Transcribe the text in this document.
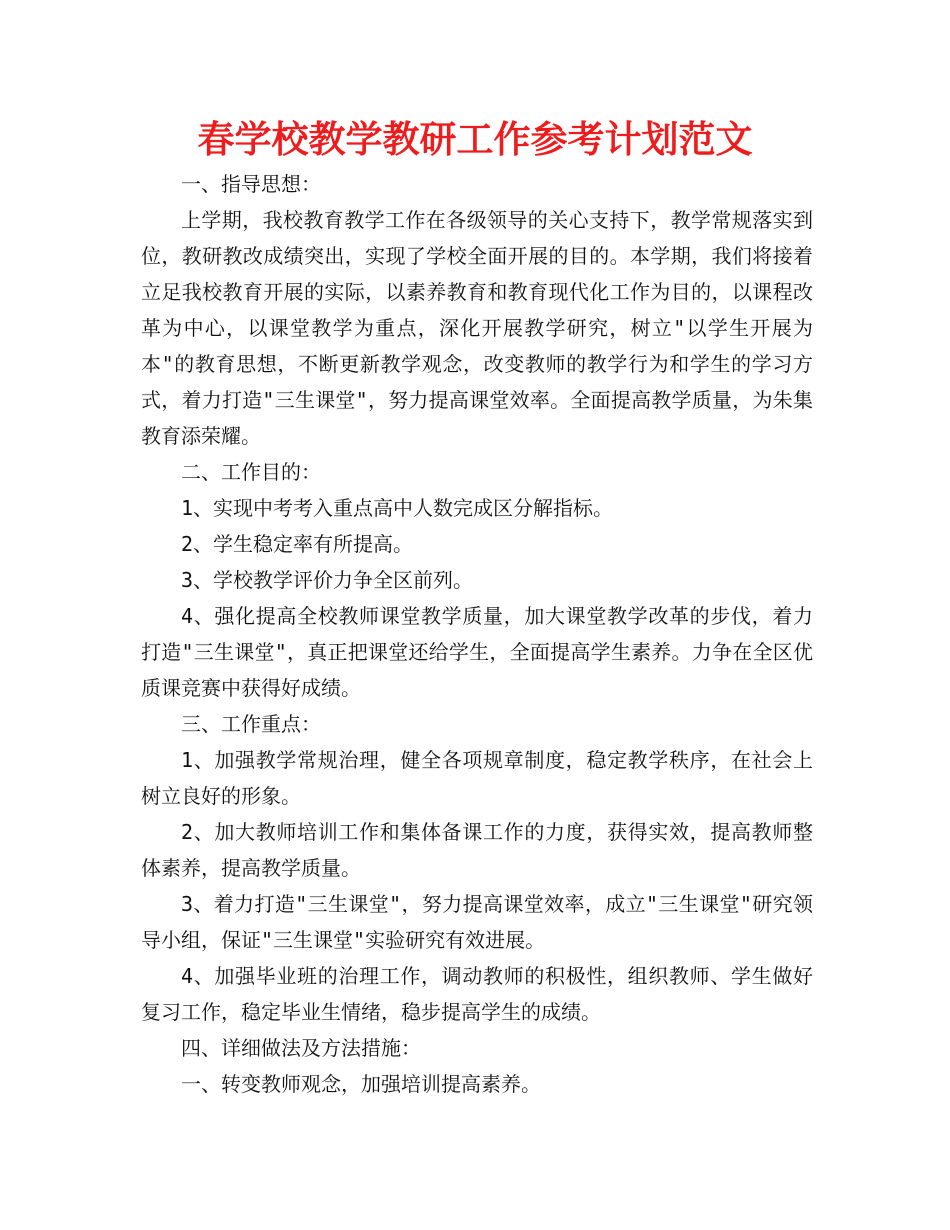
春学校教学教研工作参考计划范文

一、指导思想：

上学期，我校教育教学工作在各级领导的关心支持下，教学常规落实到位，教研教改成绩突出，实现了学校全面开展的目的。本学期，我们将接着立足我校教育开展的实际，以素养教育和教育现代化工作为目的，以课程改革为中心，以课堂教学为重点，深化开展教学研究，树立"以学生开展为本"的教育思想，不断更新教学观念，改变教师的教学行为和学生的学习方式，着力打造"三生课堂"，努力提高课堂效率。全面提高教学质量，为朱集教育添荣耀。

二、工作目的：

1、实现中考考入重点高中人数完成区分解指标。

2、学生稳定率有所提高。

3、学校教学评价力争全区前列。

4、强化提高全校教师课堂教学质量，加大课堂教学改革的步伐，着力打造"三生课堂"，真正把课堂还给学生，全面提高学生素养。力争在全区优质课竞赛中获得好成绩。

三、工作重点：

1、加强教学常规治理，健全各项规章制度，稳定教学秩序，在社会上树立良好的形象。

2、加大教师培训工作和集体备课工作的力度，获得实效，提高教师整体素养，提高教学质量。

3、着力打造"三生课堂"，努力提高课堂效率，成立"三生课堂"研究领导小组，保证"三生课堂"实验研究有效进展。

4、加强毕业班的治理工作，调动教师的积极性，组织教师、学生做好复习工作，稳定毕业生情绪，稳步提高学生的成绩。

四、详细做法及方法措施：

一、转变教师观念，加强培训提高素养。
